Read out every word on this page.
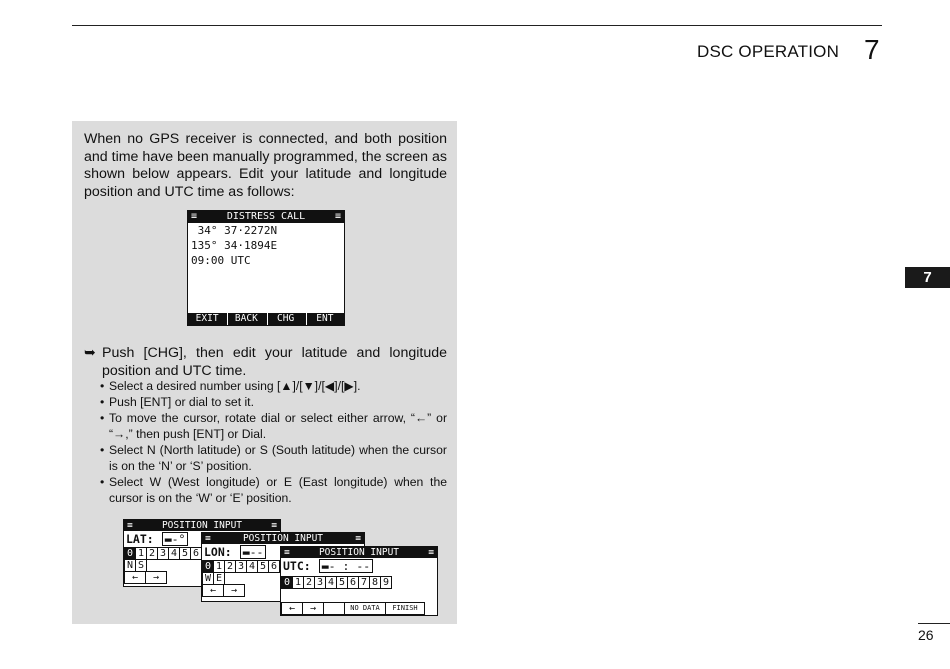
DSC OPERATION 7
7
26
When no GPS receiver is connected, and both position and time have been manually programmed, the screen as shown below appears. Edit your latitude and longitude position and UTC time as follows:
≡	DISTRESS CALL	≡
34° 37·2272N
135° 34·1894E
09:00 UTC
EXIT	BACK	CHG	ENT
➥ Push [CHG], then edit your latitude and longitude position and UTC time.
• Select a desired number using [▲]/[▼]/[◀]/[▶].
• Push [ENT] or dial to set it.
• To move the cursor, rotate dial or select either arrow, “←” or “→,” then push [ENT] or Dial.
• Select N (North latitude) or S (South latitude) when the cursor is on the ‘N’ or ‘S’ position.
• Select W (West longitude) or E (East longitude) when the cursor is on the ‘W’ or ‘E’ position.
≡	POSITION INPUT	≡
LAT: ▬-°
0 1 2 3 4 5 6
N S
←	→
≡	POSITION INPUT	≡
LON: ▬--
0 1 2 3 4 5 6
W E
←	→
≡	POSITION INPUT	≡
UTC: ▬- : --
0 1 2 3 4 5 6 7 8 9
←	→	NO DATA	FINISH
